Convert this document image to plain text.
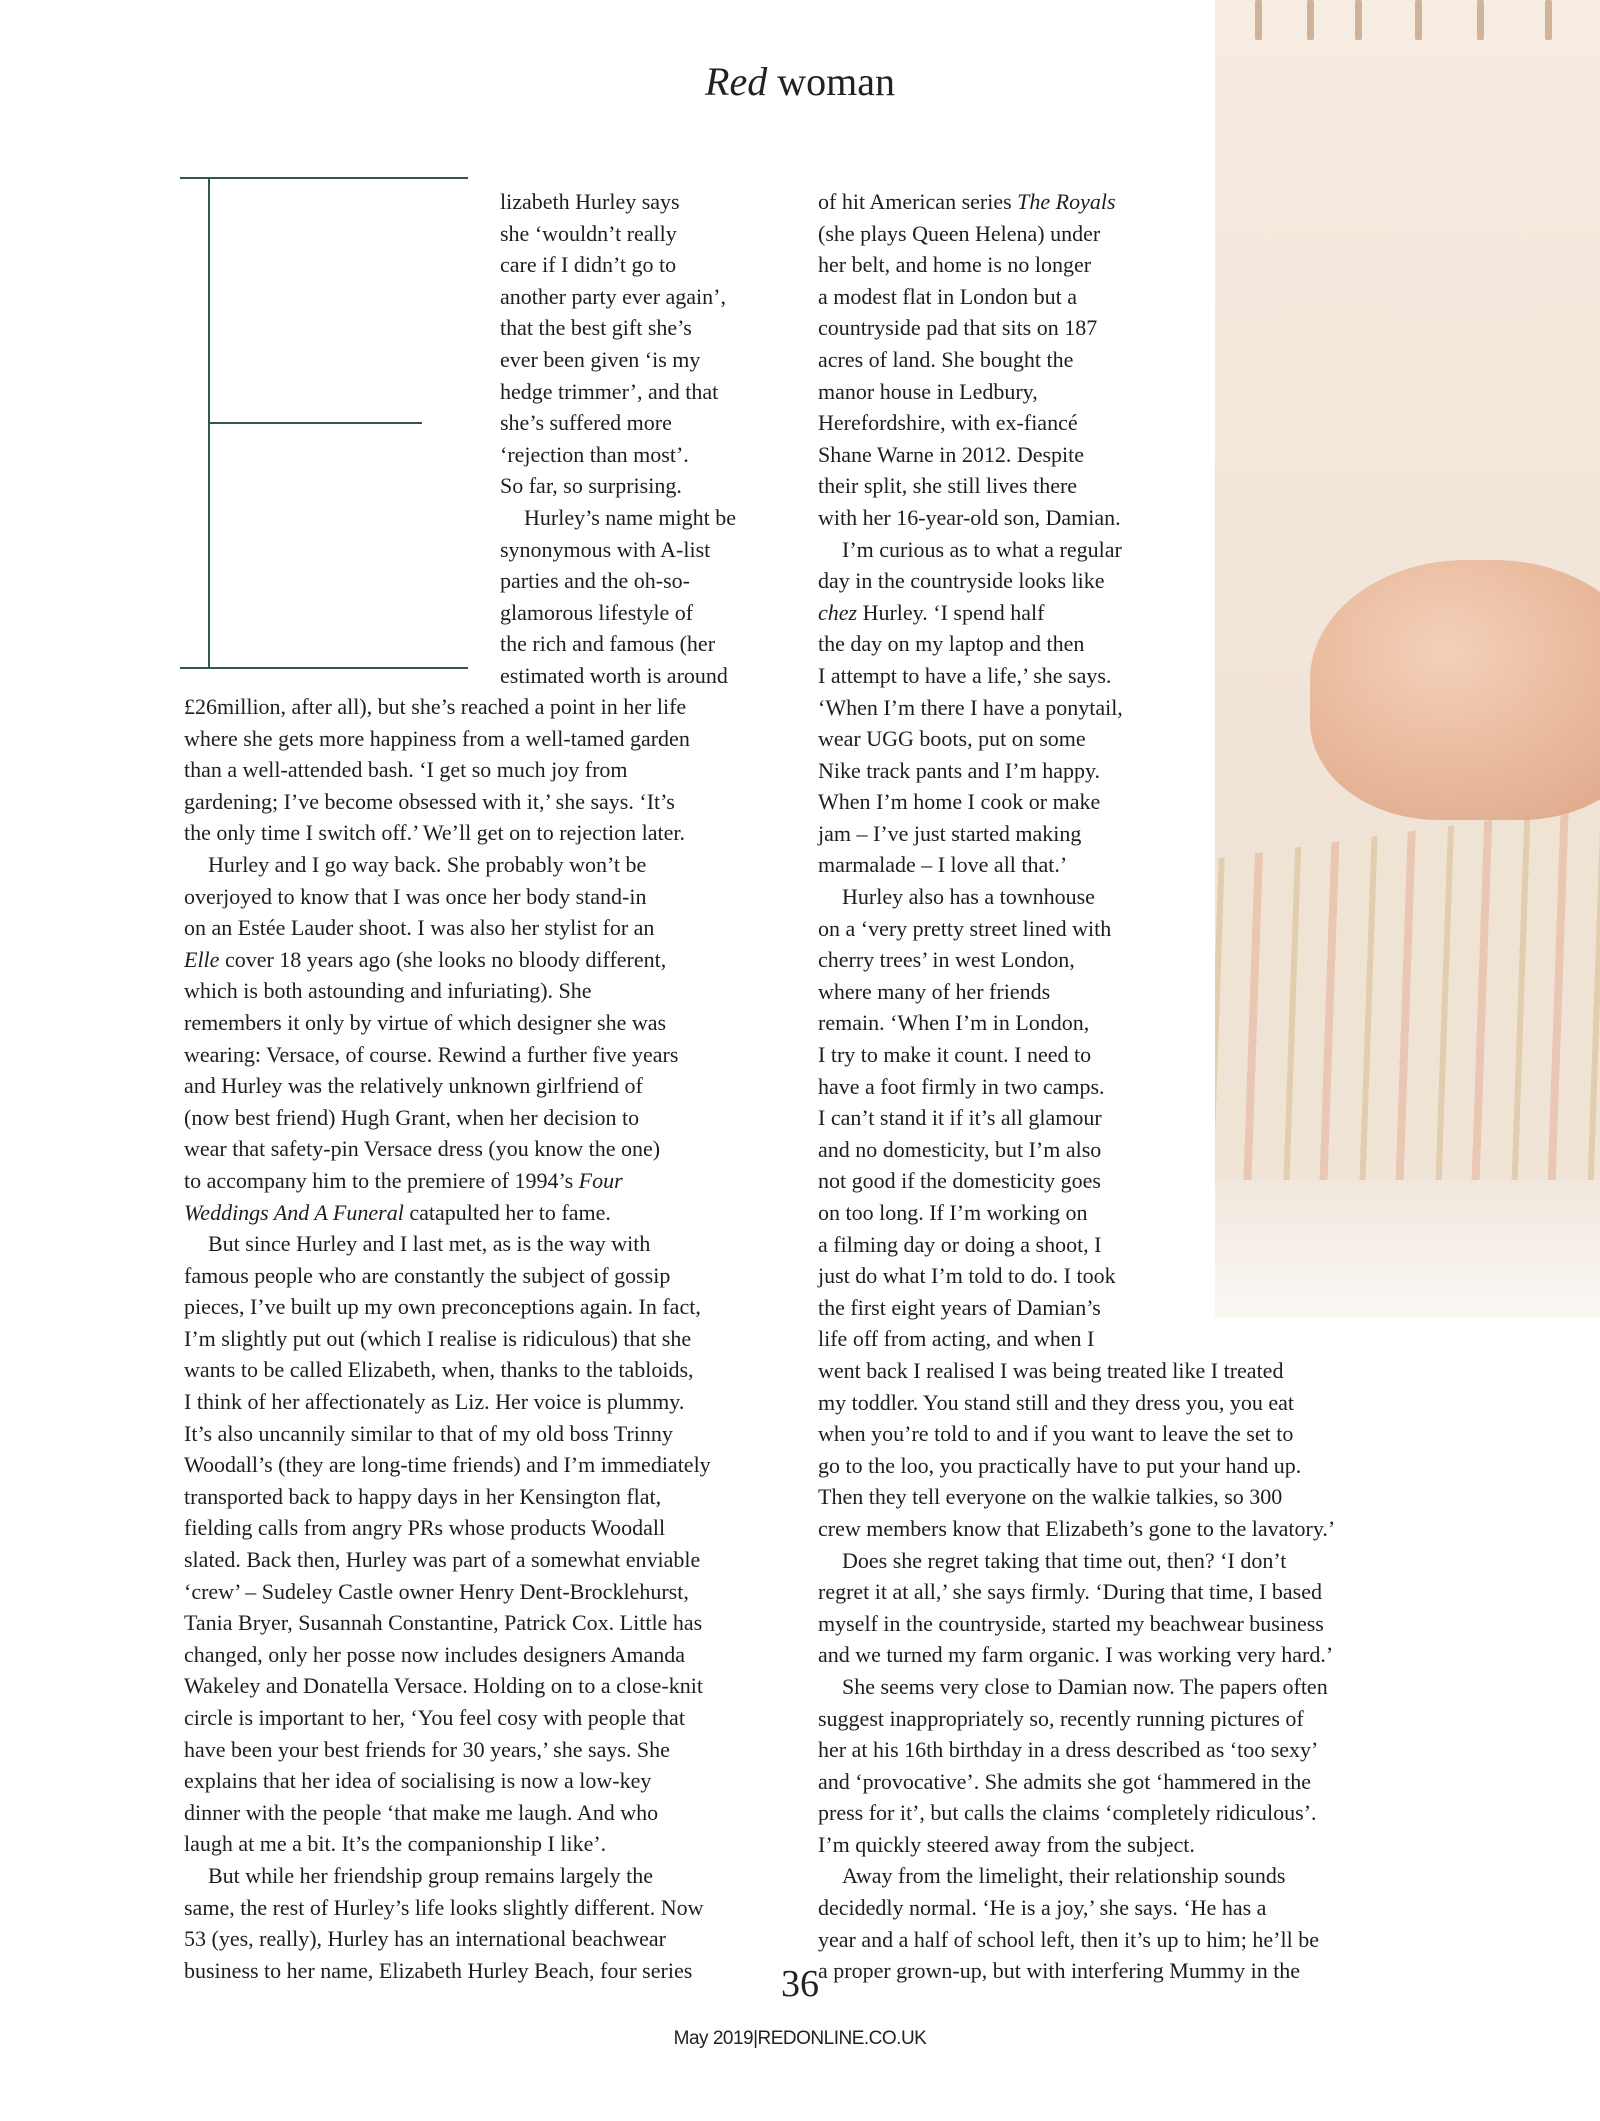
Red woman
lizabeth Hurley says
she ‘wouldn’t really
care if I didn’t go to
another party ever again’,
that the best gift she’s
ever been given ‘is my
hedge trimmer’, and that
she’s suffered more
‘rejection than most’.
So far, so surprising.
Hurley’s name might be
synonymous with A-list
parties and the oh-so-
glamorous lifestyle of
the rich and famous (her
estimated worth is around
£26million, after all), but she’s reached a point in her life
where she gets more happiness from a well-tamed garden
than a well-attended bash. ‘I get so much joy from
gardening; I’ve become obsessed with it,’ she says. ‘It’s
the only time I switch off.’ We’ll get on to rejection later.
Hurley and I go way back. She probably won’t be
overjoyed to know that I was once her body stand-in
on an Estée Lauder shoot. I was also her stylist for an
Elle cover 18 years ago (she looks no bloody different,
which is both astounding and infuriating). She
remembers it only by virtue of which designer she was
wearing: Versace, of course. Rewind a further five years
and Hurley was the relatively unknown girlfriend of
(now best friend) Hugh Grant, when her decision to
wear that safety-pin Versace dress (you know the one)
to accompany him to the premiere of 1994’s Four
Weddings And A Funeral catapulted her to fame.
But since Hurley and I last met, as is the way with
famous people who are constantly the subject of gossip
pieces, I’ve built up my own preconceptions again. In fact,
I’m slightly put out (which I realise is ridiculous) that she
wants to be called Elizabeth, when, thanks to the tabloids,
I think of her affectionately as Liz. Her voice is plummy.
It’s also uncannily similar to that of my old boss Trinny
Woodall’s (they are long-time friends) and I’m immediately
transported back to happy days in her Kensington flat,
fielding calls from angry PRs whose products Woodall
slated. Back then, Hurley was part of a somewhat enviable
‘crew’ – Sudeley Castle owner Henry Dent-Brocklehurst,
Tania Bryer, Susannah Constantine, Patrick Cox. Little has
changed, only her posse now includes designers Amanda
Wakeley and Donatella Versace. Holding on to a close-knit
circle is important to her, ‘You feel cosy with people that
have been your best friends for 30 years,’ she says. She
explains that her idea of socialising is now a low-key
dinner with the people ‘that make me laugh. And who
laugh at me a bit. It’s the companionship I like’.
But while her friendship group remains largely the
same, the rest of Hurley’s life looks slightly different. Now
53 (yes, really), Hurley has an international beachwear
business to her name, Elizabeth Hurley Beach, four series
of hit American series The Royals
(she plays Queen Helena) under
her belt, and home is no longer
a modest flat in London but a
countryside pad that sits on 187
acres of land. She bought the
manor house in Ledbury,
Herefordshire, with ex-fiancé
Shane Warne in 2012. Despite
their split, she still lives there
with her 16-year-old son, Damian.
I’m curious as to what a regular
day in the countryside looks like
chez Hurley. ‘I spend half
the day on my laptop and then
I attempt to have a life,’ she says.
‘When I’m there I have a ponytail,
wear UGG boots, put on some
Nike track pants and I’m happy.
When I’m home I cook or make
jam – I’ve just started making
marmalade – I love all that.’
Hurley also has a townhouse
on a ‘very pretty street lined with
cherry trees’ in west London,
where many of her friends
remain. ‘When I’m in London,
I try to make it count. I need to
have a foot firmly in two camps.
I can’t stand it if it’s all glamour
and no domesticity, but I’m also
not good if the domesticity goes
on too long. If I’m working on
a filming day or doing a shoot, I
just do what I’m told to do. I took
the first eight years of Damian’s
life off from acting, and when I
went back I realised I was being treated like I treated
my toddler. You stand still and they dress you, you eat
when you’re told to and if you want to leave the set to
go to the loo, you practically have to put your hand up.
Then they tell everyone on the walkie talkies, so 300
crew members know that Elizabeth’s gone to the lavatory.’
Does she regret taking that time out, then? ‘I don’t
regret it at all,’ she says firmly. ‘During that time, I based
myself in the countryside, started my beachwear business
and we turned my farm organic. I was working very hard.’
She seems very close to Damian now. The papers often
suggest inappropriately so, recently running pictures of
her at his 16th birthday in a dress described as ‘too sexy’
and ‘provocative’. She admits she got ‘hammered in the
press for it’, but calls the claims ‘completely ridiculous’.
I’m quickly steered away from the subject.
Away from the limelight, their relationship sounds
decidedly normal. ‘He is a joy,’ she says. ‘He has a
year and a half of school left, then it’s up to him; he’ll be
a proper grown-up, but with interfering Mummy in the
36
May 2019|REDONLINE.CO.UK
